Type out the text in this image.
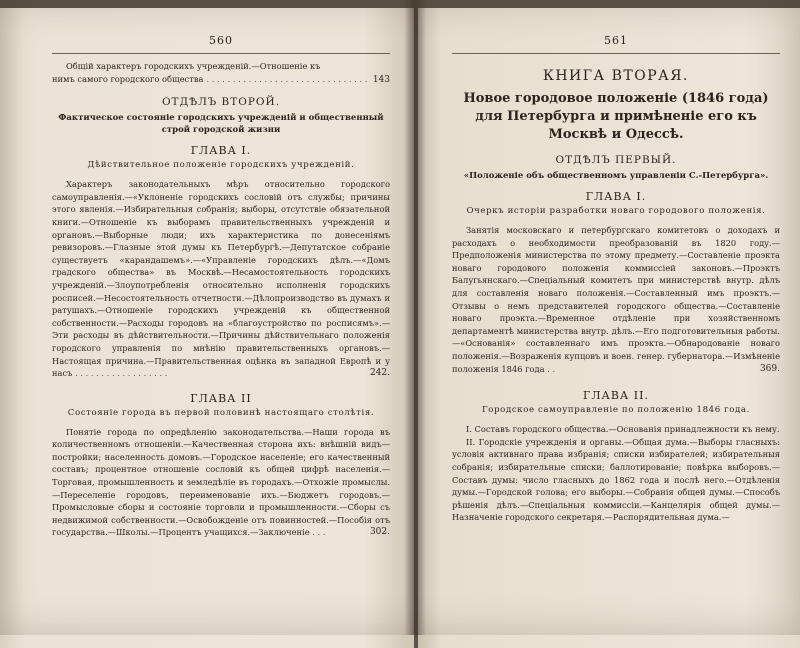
560
Общій характеръ городскихъ учрежденій.—Отношеніе къ
нимъ самого городского общества . . . . . . . . . . . . . . . . . . . . . . . . . . . . . . . 143
ОТДѢЛЪ ВТОРОЙ.
Фактическое состояніе городскихъ учрежденій и общественный строй городской жизни
ГЛАВА I.
Дѣйствительное положеніе городскихъ учрежденій.
Характеръ законодательныхъ мѣръ относительно городского самоуправленія.—«Уклоненіе городскихъ сословій отъ службы; причины этого явленія.—Избирательныя собранія; выборы, отсутствіе обязательной книги.—Отношеніе къ выборамъ правительственныхъ учрежденій и органовъ.—Выборные люди; ихъ характеристика по донесеніямъ ревизоровъ.—Глазные этой думы къ Петербургѣ.—Депутатское собраніе существуетъ «карандашемъ».—«Управленіе городскихъ дѣлъ.—«Домъ градского общества» въ Москвѣ.—Несамостоятельность городскихъ учрежденій.—Злоупотребленія относительно исполненія городскихъ росписей.—Несостоятельность отчетности.—Дѣлопроизводство въ думахъ и ратушахъ.—Отношеніе городскихъ учрежденій къ общественной собственности.—Расходы городовъ на «благоустройство по росписямъ».—Эти расходы въ дѣйствительности.—Причины дѣйствительнаго положенія городского управленія по мнѣнію правительственныхъ органовъ.—Настоящая причина.—Правительственная оцѣнка въ западной Европѣ и у насъ . . . . . . . . . . . . . . . . . .	242.
ГЛАВА II
Состояніе города въ первой половинѣ настоящаго столѣтія.
Понятіе города по опредѣленію законодательства.—Наши города въ количественномъ отношеніи.—Качественная сторона ихъ: внѣшній видъ—постройки; населенность домовъ.—Городское населеніе; его качественный составъ; процентное отношеніе сословій къ общей цифрѣ населенія.—Торговая, промышленность и земледѣліе въ городахъ.—Отхожіе промыслы.—Переселеніе городовъ, переименованіе ихъ.—Бюджетъ городовъ.—Промысловые сборы и состояніе торговли и промышленности.—Сборы съ недвижимой собственности.—Освобожденіе отъ повинностей.—Пособія отъ государства.—Школы.—Процентъ учащихся.—Заключеніе . . .	302.
561
КНИГА ВТОРАЯ.
Новое городовое положеніе (1846 года) для Петербурга и примѣненіе его къ Москвѣ и Одессѣ.
ОТДѢЛЪ ПЕРВЫЙ.
«Положеніе объ общественномъ управленіи С.-Петербурга».
ГЛАВА I.
Очеркъ исторіи разработки новаго городового положенія.
Занятія московскаго и петербургскаго комитетовъ о доходахъ и расходахъ о необходимости преобразованій въ 1820 году.—Предположенія министерства по этому предмету.—Составленіе проэкта новаго городового положенія коммиссіей законовъ.—Проэктъ Балугьянскаго.—Спеціальный комитетъ при министерствѣ внутр. дѣлъ для составленія новаго положенія.—Составленный имъ проэктъ.—Отзывы о немъ представителей городского общества.—Составленіе новаго проэкта.—Временное отдѣленіе при хозяйственномъ департаментѣ министерства внутр. дѣлъ.—Его подготовительныя работы.—«Основанія» составленнаго имъ проэкта.—Обнародованіе новаго положенія.—Возраженія купцовъ и воен. генер. губернатора.—Измѣненіе положенія 1846 года . .	369.
ГЛАВА II.
Городское самоуправленіе по положенію 1846 года.
I. Составъ городского общества.—Основанія принадлежности къ нему.
II. Городскіе учрежденія и органы.—Общая дума.—Выборы гласныхъ: условія активнаго права избранія; списки избирателей; избирательныя собранія; избирательные списки; баллотированіе; повѣрка выборовъ.—Составъ думы: число гласныхъ до 1862 года и послѣ него.—Отдѣленія думы.—Городской голова; его выборы.—Собранія общей думы.—Способъ рѣшенія дѣлъ.—Спеціальныя коммиссіи.—Канцелярія общей думы.—Назначеніе городского секретаря.—Распорядительная дума.—
